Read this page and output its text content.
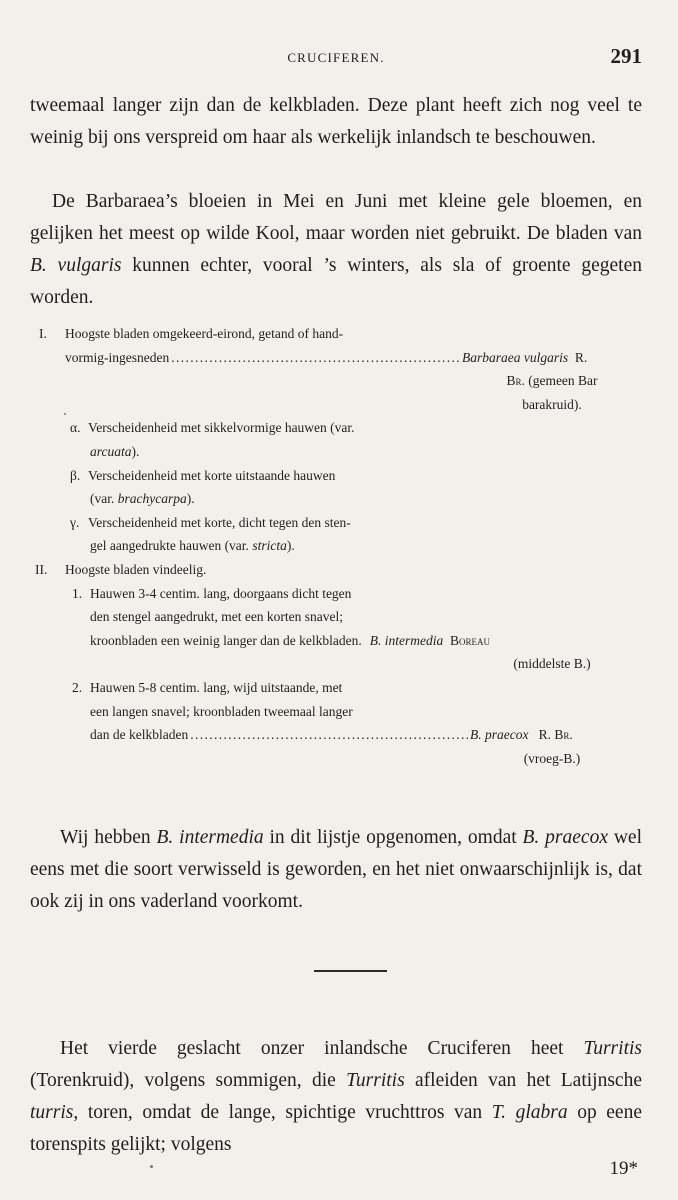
CRUCIFEREN.	291
tweemaal langer zijn dan de kelkbladen. Deze plant heeft zich nog veel te weinig bij ons verspreid om haar als werkelijk inlandsch te beschouwen.
De Barbaraea’s bloeien in Mei en Juni met kleine gele bloemen, en gelijken het meest op wilde Kool, maar worden niet gebruikt. De bladen van B. vulgaris kunnen echter, vooral ’s winters, als sla of groente gegeten worden.
I. Hoogste bladen omgekeerd-eirond, getand of hand-
vormig-ingesneden . . .	Barbaraea vulgaris R.
Br. (gemeen Bar
barakruid).
α. Verscheidenheid met sikkelvormige hauwen (var.
arcuata).
β. Verscheidenheid met korte uitstaande hauwen
(var. brachycarpa).
γ. Verscheidenheid met korte, dicht tegen den sten-
gel aangedrukte hauwen (var. stricta).
II. Hoogste bladen vindeelig.
1. Hauwen 3-4 centim. lang, doorgaans dicht tegen
den stengel aangedrukt, met een korten snavel;
kroonbladen een weinig langer dan de kelkbladen. B. intermedia Boreau
(middelste B.)
2. Hauwen 5-8 centim. lang, wijd uitstaande, met
een langen snavel; kroonbladen tweemaal langer
dan de kelkbladen . . .	B. praecox R. Br.
(vroeg-B.)
Wij hebben B. intermedia in dit lijstje opgenomen, omdat B. praecox wel eens met die soort verwisseld is geworden, en het niet onwaarschijnlijk is, dat ook zij in ons vaderland voorkomt.
Het vierde geslacht onzer inlandsche Cruciferen heet Turritis (Torenkruid), volgens sommigen, die Turritis afleiden van het Latijnsche turris, toren, omdat de lange, spichtige vruchttros van T. glabra op eene torenspits gelijkt; volgens
19*
